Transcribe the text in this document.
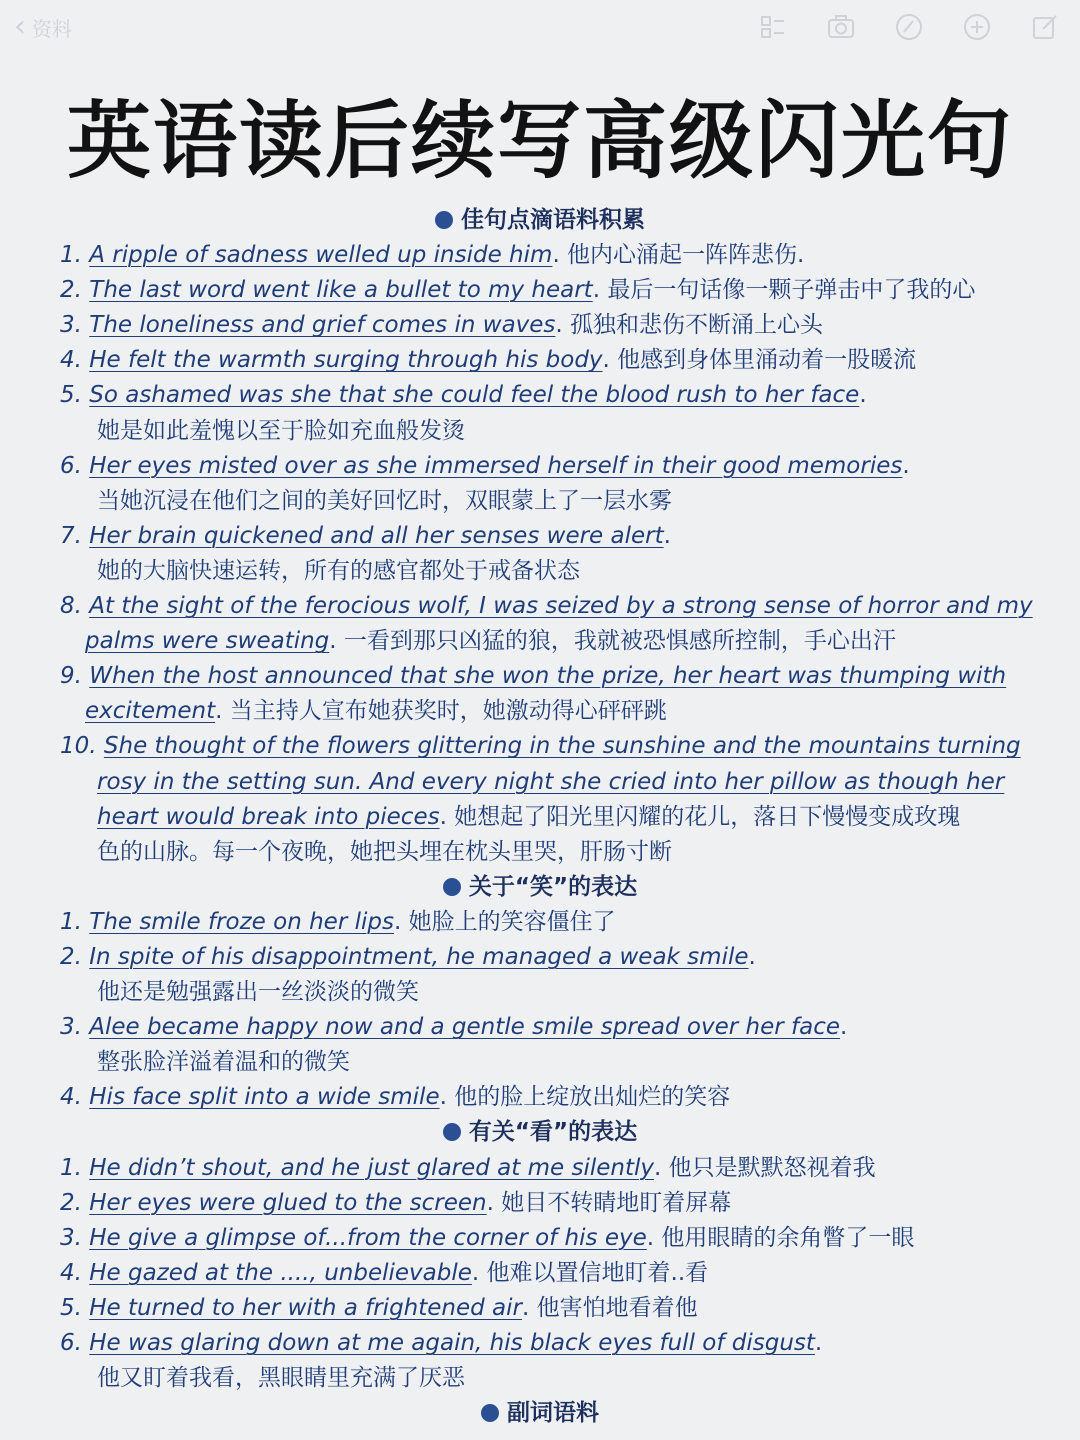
‹ 资料
英语读后续写高级闪光句
佳句点滴语料积累
1. A ripple of sadness welled up inside him. 他内心涌起一阵阵悲伤.
2. The last word went like a bullet to my heart. 最后一句话像一颗子弹击中了我的心
3. The loneliness and grief comes in waves. 孤独和悲伤不断涌上心头
4. He felt the warmth surging through his body. 他感到身体里涌动着一股暖流
5. So ashamed was she that she could feel the blood rush to her face.
她是如此羞愧以至于脸如充血般发烫
6. Her eyes misted over as she immersed herself in their good memories.
当她沉浸在他们之间的美好回忆时，双眼蒙上了一层水雾
7. Her brain quickened and all her senses were alert.
她的大脑快速运转，所有的感官都处于戒备状态
8. At the sight of the ferocious wolf, I was seized by a strong sense of horror and my
palms were sweating. 一看到那只凶猛的狼，我就被恐惧感所控制，手心出汗
9. When the host announced that she won the prize, her heart was thumping with
excitement. 当主持人宣布她获奖时，她激动得心砰砰跳
10. She thought of the flowers glittering in the sunshine and the mountains turning
rosy in the setting sun. And every night she cried into her pillow as though her
heart would break into pieces. 她想起了阳光里闪耀的花儿，落日下慢慢变成玫瑰
色的山脉。每一个夜晚，她把头埋在枕头里哭，肝肠寸断
关于“笑”的表达
1. The smile froze on her lips. 她脸上的笑容僵住了
2. In spite of his disappointment, he managed a weak smile.
他还是勉强露出一丝淡淡的微笑
3. Alee became happy now and a gentle smile spread over her face.
整张脸洋溢着温和的微笑
4. His face split into a wide smile. 他的脸上绽放出灿烂的笑容
有关“看”的表达
1. He didn’t shout, and he just glared at me silently. 他只是默默怒视着我
2. Her eyes were glued to the screen. 她目不转睛地盯着屏幕
3. He give a glimpse of...from the corner of his eye. 他用眼睛的余角瞥了一眼
4. He gazed at the ...., unbelievable. 他难以置信地盯着..看
5. He turned to her with a frightened air. 他害怕地看着他
6. He was glaring down at me again, his black eyes full of disgust.
他又盯着我看，黑眼睛里充满了厌恶
副词语料
